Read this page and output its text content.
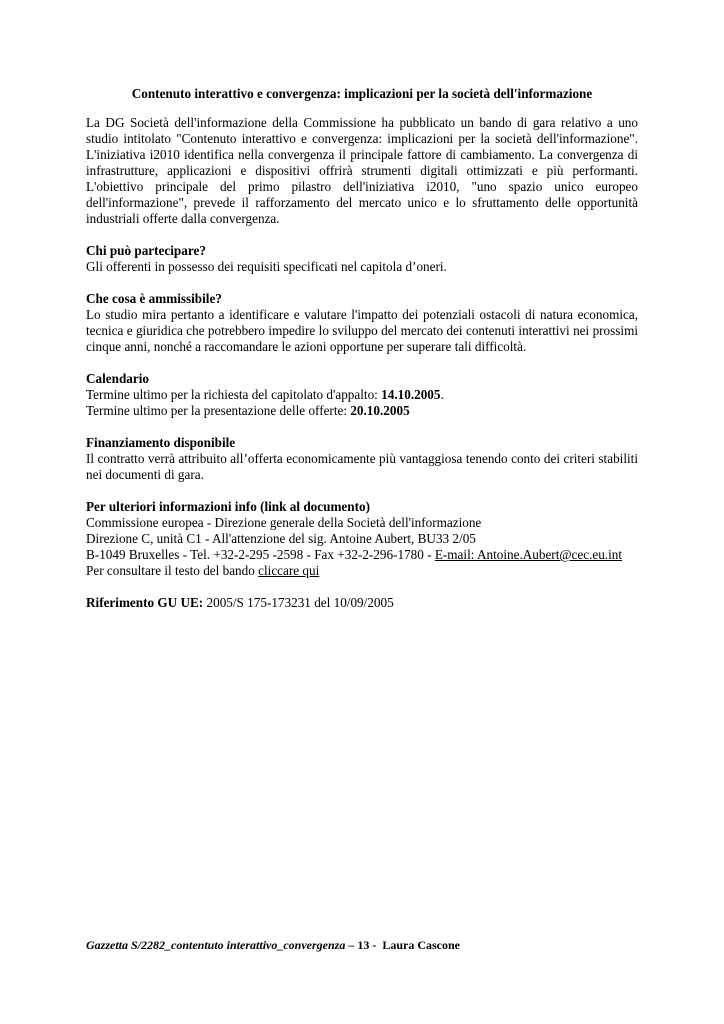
Contenuto interattivo e convergenza: implicazioni per la società dell'informazione

La DG Società dell'informazione della Commissione ha pubblicato un bando di gara relativo a uno studio intitolato "Contenuto interattivo e convergenza: implicazioni per la società dell'informazione". L'iniziativa i2010 identifica nella convergenza il principale fattore di cambiamento. La convergenza di infrastrutture, applicazioni e dispositivi offrirà strumenti digitali ottimizzati e più performanti. L'obiettivo principale del primo pilastro dell'iniziativa i2010, "uno spazio unico europeo dell'informazione", prevede il rafforzamento del mercato unico e lo sfruttamento delle opportunità industriali offerte dalla convergenza.

Chi può partecipare?

Gli offerenti in possesso dei requisiti specificati nel capitola d’oneri.

Che cosa è ammissibile?

Lo studio mira pertanto a identificare e valutare l'impatto dei potenziali ostacoli di natura economica, tecnica e giuridica che potrebbero impedire lo sviluppo del mercato dei contenuti interattivi nei prossimi cinque anni, nonché a raccomandare le azioni opportune per superare tali difficoltà.

Calendario

Termine ultimo per la richiesta del capitolato d'appalto: 14.10.2005.

Termine ultimo per la presentazione delle offerte: 20.10.2005

Finanziamento disponibile

Il contratto verrà attribuito all’offerta economicamente più vantaggiosa tenendo conto dei criteri stabiliti nei documenti di gara.

Per ulteriori informazioni info (link al documento)

Commissione europea - Direzione generale della Società dell'informazione

Direzione C, unità C1 - All'attenzione del sig. Antoine Aubert, BU33 2/05

B-1049 Bruxelles - Tel. +32-2-295 -2598 - Fax +32-2-296-1780 - E-mail: Antoine.Aubert@cec.eu.int

Per consultare il testo del bando cliccare qui

Riferimento GU UE: 2005/S 175-173231 del 10/09/2005

Gazzetta S/2282_contentuto interattivo_convergenza – 13 -  Laura Cascone
